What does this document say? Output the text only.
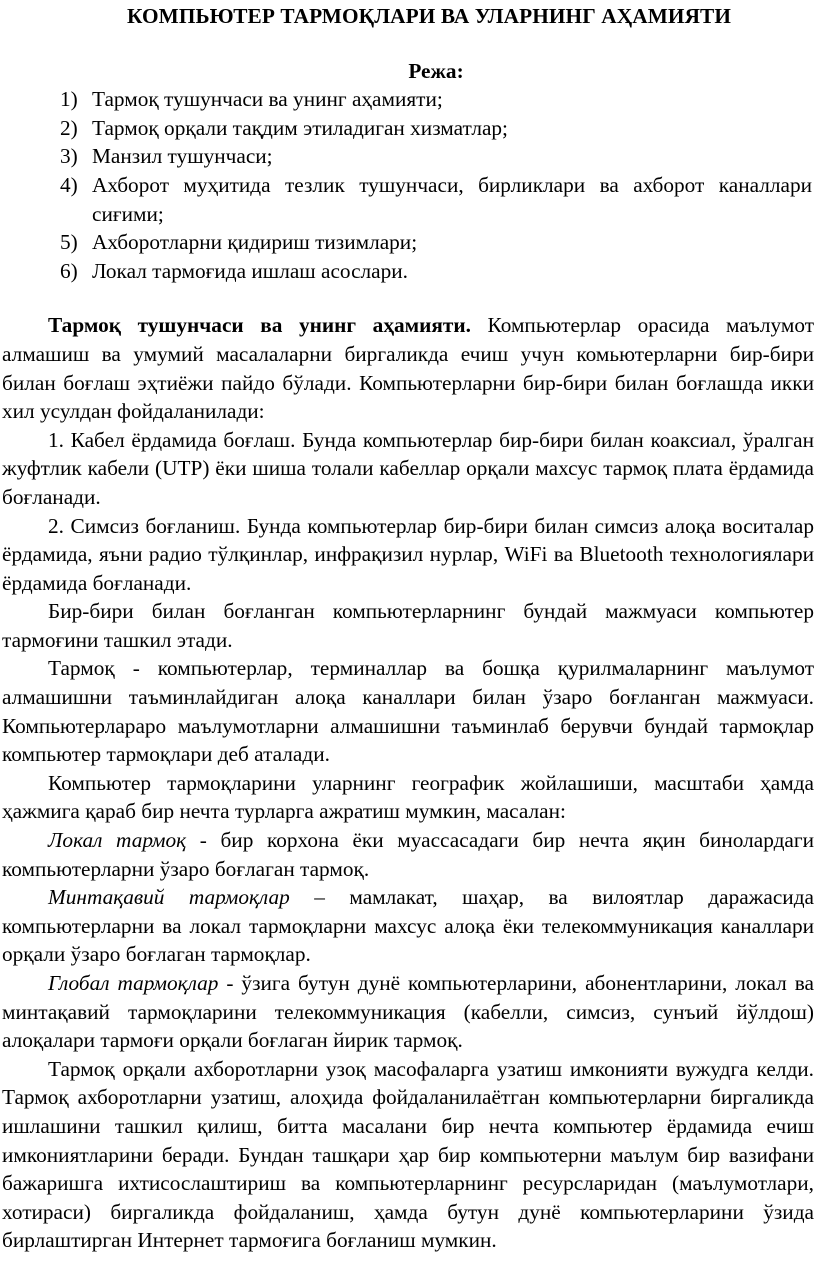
КОМПЬЮТЕР ТАРМОҚЛАРИ ВА УЛАРНИНГ АҲАМИЯТИ
Режа:
1) Тармоқ тушунчаси ва унинг аҳамияти;
2) Тармоқ орқали тақдим этиладиган хизматлар;
3) Манзил тушунчаси;
4) Ахборот муҳитида тезлик тушунчаси, бирликлари ва ахборот каналлари сиғими;
5) Ахборотларни қидириш тизимлари;
6) Локал тармоғида ишлаш асослари.

Тармоқ тушунчаси ва унинг аҳамияти. Компьютерлар орасида маълумот алмашиш ва умумий масалаларни биргаликда ечиш учун комьютерларни бир-бири билан боғлаш эҳтиёжи пайдо бўлади. Компьютерларни бир-бири билан боғлашда икки хил усулдан фойдаланилади:

1. Кабел ёрдамида боғлаш. Бунда компьютерлар бир-бири билан коаксиал, ўралган жуфтлик кабели (UTP) ёки шиша толали кабеллар орқали махсус тармоқ плата ёрдамида боғланади.

2. Симсиз боғланиш. Бунда компьютерлар бир-бири билан симсиз алоқа воситалар ёрдамида, яъни радио тўлқинлар, инфрақизил нурлар, WiFi ва Bluetooth технологиялари ёрдамида боғланади.

Бир-бири билан боғланган компьютерларнинг бундай мажмуаси компьютер тармоғини ташкил этади.

Тармоқ - компьютерлар, терминаллар ва бошқа қурилмаларнинг маълумот алмашишни таъминлайдиган алоқа каналлари билан ўзаро боғланган мажмуаси. Компьютерлараро маълумотларни алмашишни таъминлаб берувчи бундай тармоқлар компьютер тармоқлари деб аталади.

Компьютер тармоқларини уларнинг географик жойлашиши, масштаби ҳамда ҳажмига қараб бир нечта турларга ажратиш мумкин, масалан:

Локал тармоқ - бир корхона ёки муассасадаги бир нечта яқин бинолардаги компьютерларни ўзаро боғлаган тармоқ.

Минтақавий тармоқлар – мамлакат, шаҳар, ва вилоятлар даражасида компьютерларни ва локал тармоқларни махсус алоқа ёки телекоммуникация каналлари орқали ўзаро боғлаган тармоқлар.

Глобал тармоқлар - ўзига бутун дунё компьютерларини, абонентларини, локал ва минтақавий тармоқларини телекоммуникация (кабелли, симсиз, сунъий йўлдош) алоқалари тармоғи орқали боғлаган йирик тармоқ.

Тармоқ орқали ахборотларни узоқ масофаларга узатиш имконияти вужудга келди. Тармоқ ахборотларни узатиш, алоҳида фойдаланилаётган компьютерларни биргаликда ишлашини ташкил қилиш, битта масалани бир нечта компьютер ёрдамида ечиш имкониятларини беради. Бундан ташқари ҳар бир компьютерни маълум бир вазифани бажаришга ихтисослаштириш ва компьютерларнинг ресурсларидан (маълумотлари, хотираси) биргаликда фойдаланиш, ҳамда бутун дунё компьютерларини ўзида бирлаштирган Интернет тармоғига боғланиш мумкин.
